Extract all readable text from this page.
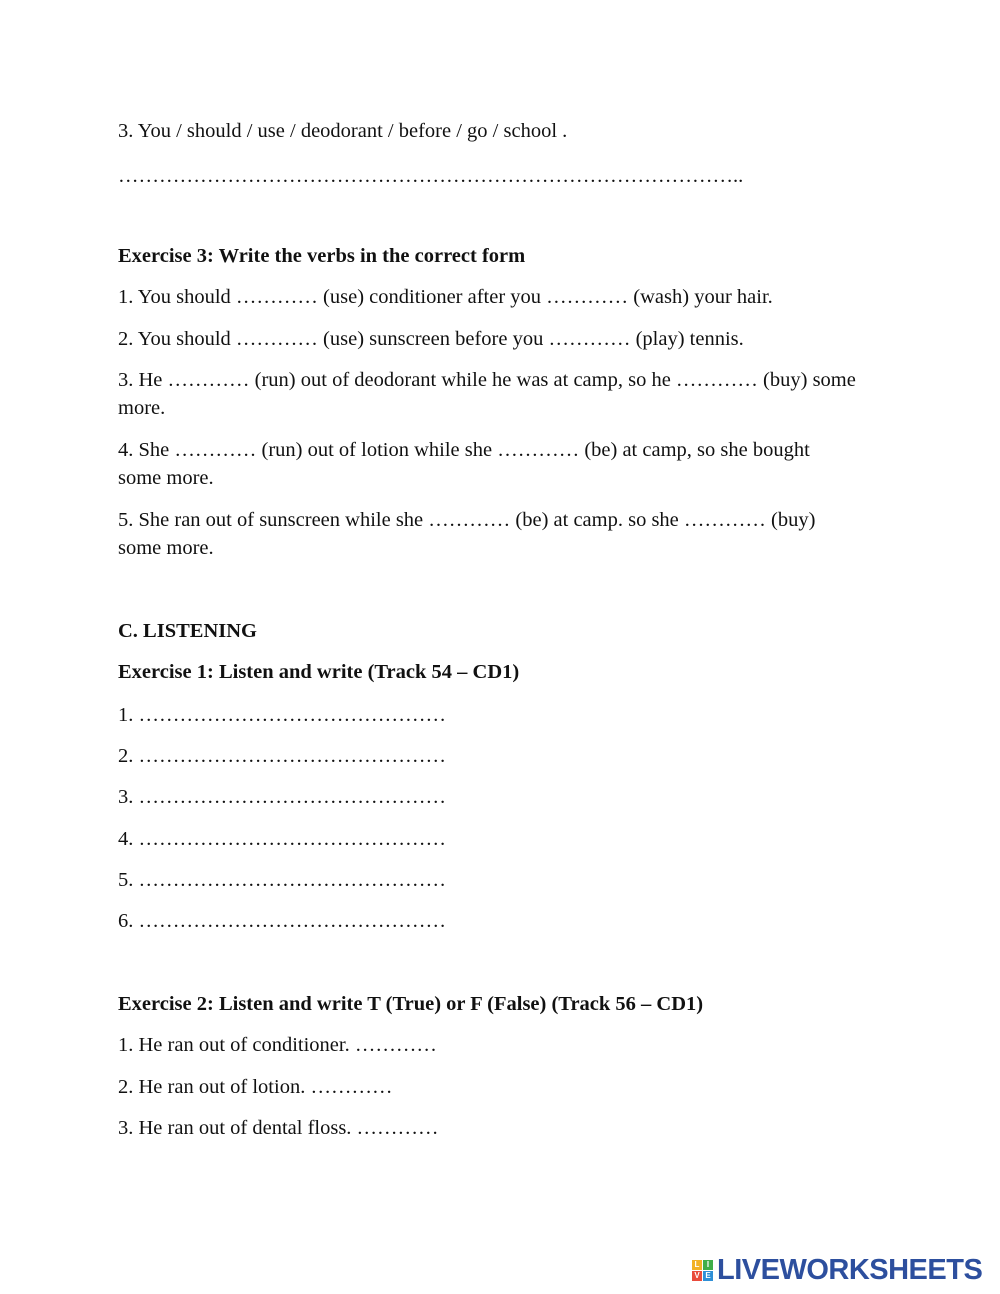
3. You / should / use / deodorant / before / go / school .
………………………………………………………………………………..
Exercise 3: Write the verbs in the correct form
1. You should ………… (use) conditioner after you ………… (wash) your hair.
2. You should ………… (use) sunscreen before you ………… (play) tennis.
3. He ………… (run) out of deodorant while he was at camp, so he ………… (buy) some more.
4. She ………… (run) out of lotion while she ………… (be) at camp, so she bought some more.
5. She ran out of sunscreen while she ………… (be) at camp. so she ………… (buy) some more.
C. LISTENING
Exercise 1: Listen and write (Track 54 – CD1)
1. ………………………………………
2. ………………………………………
3. ………………………………………
4. ………………………………………
5. ………………………………………
6. ………………………………………
Exercise 2: Listen and write T (True) or F (False) (Track 56 – CD1)
1. He ran out of conditioner. …………
2. He ran out of lotion. …………
3. He ran out of dental floss. …………
L I
V E LIVEWORKSHEETS
